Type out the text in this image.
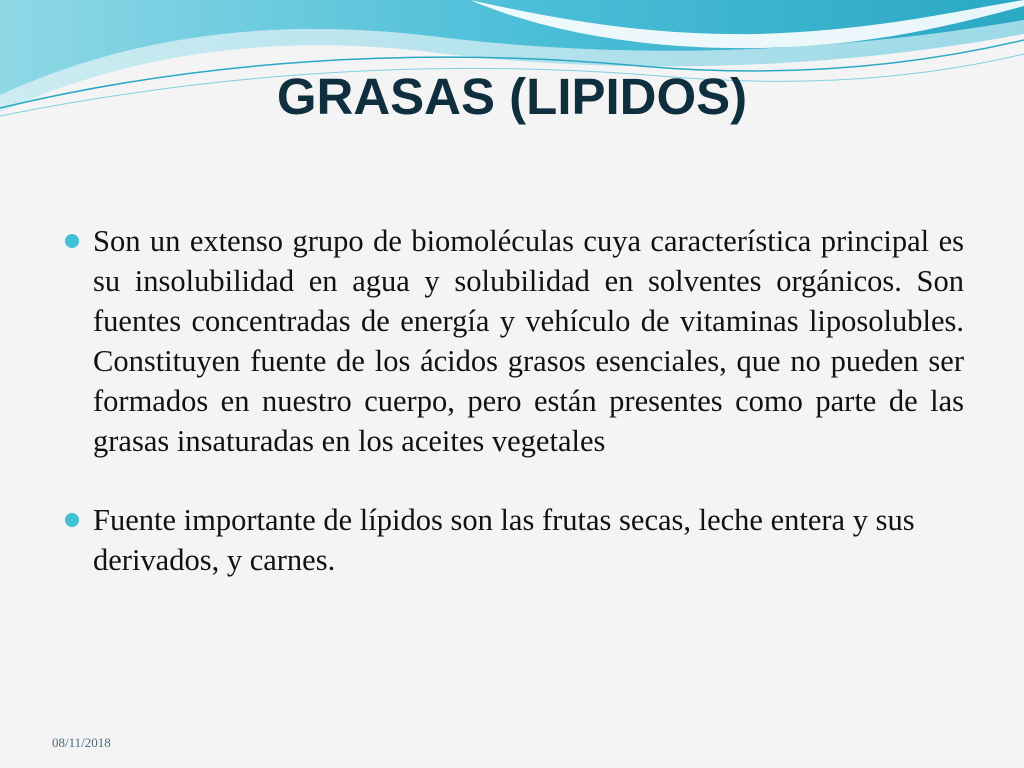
GRASAS (LIPIDOS)

Son un extenso grupo de biomoléculas cuya característica principal es su insolubilidad en agua y solubilidad en solventes orgánicos. Son fuentes concentradas de energía y vehículo de vitaminas liposolubles. Constituyen fuente de los ácidos grasos esenciales, que no pueden ser formados en nuestro cuerpo, pero están presentes como parte de las grasas insaturadas en los aceites vegetales

Fuente importante de lípidos son las frutas secas, leche entera y sus derivados, y carnes.

08/11/2018
